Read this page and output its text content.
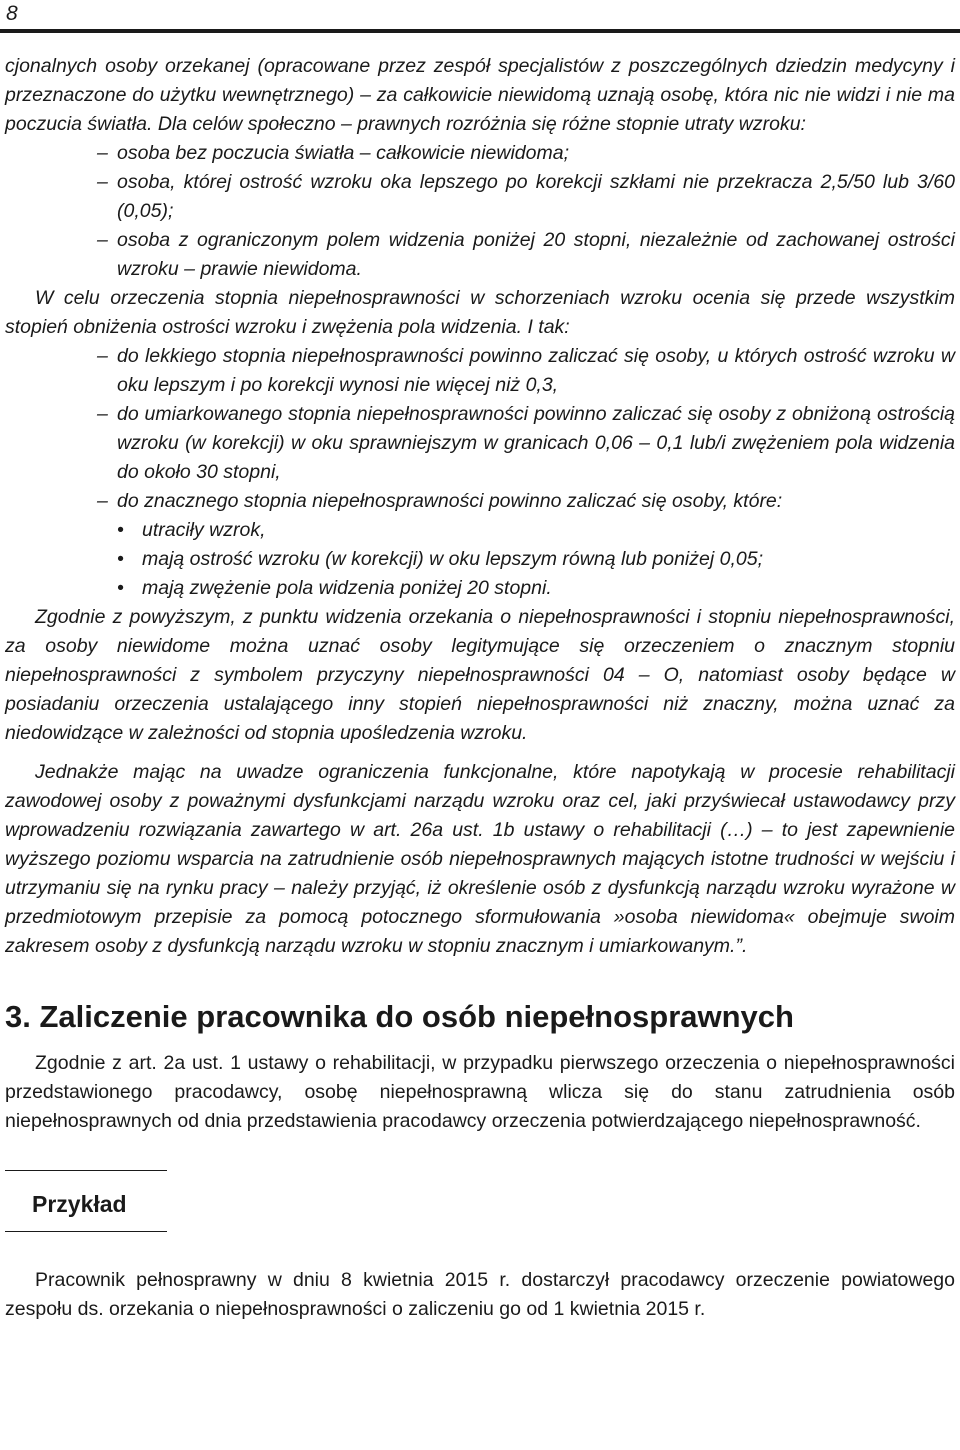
8

cjonalnych osoby orzekanej (opracowane przez zespół specjalistów z poszczególnych dziedzin medycyny i przeznaczone do użytku wewnętrznego) – za całkowicie niewidomą uznają osobę, która nic nie widzi i nie ma poczucia światła. Dla celów społeczno – prawnych rozróżnia się różne stopnie utraty wzroku:

– osoba bez poczucia światła – całkowicie niewidoma;
– osoba, której ostrość wzroku oka lepszego po korekcji szkłami nie przekracza 2,5/50 lub 3/60 (0,05);
– osoba z ograniczonym polem widzenia poniżej 20 stopni, niezależnie od zachowanej ostrości wzroku – prawie niewidoma.

W celu orzeczenia stopnia niepełnosprawności w schorzeniach wzroku ocenia się przede wszystkim stopień obniżenia ostrości wzroku i zwężenia pola widzenia. I tak:

– do lekkiego stopnia niepełnosprawności powinno zaliczać się osoby, u których ostrość wzroku w oku lepszym i po korekcji wynosi nie więcej niż 0,3,
– do umiarkowanego stopnia niepełnosprawności powinno zaliczać się osoby z obniżoną ostrością wzroku (w korekcji) w oku sprawniejszym w granicach 0,06 – 0,1 lub/i zwężeniem pola widzenia do około 30 stopni,
– do znacznego stopnia niepełnosprawności powinno zaliczać się osoby, które:
• utraciły wzrok,
• mają ostrość wzroku (w korekcji) w oku lepszym równą lub poniżej 0,05;
• mają zwężenie pola widzenia poniżej 20 stopni.

Zgodnie z powyższym, z punktu widzenia orzekania o niepełnosprawności i stopniu niepełnosprawności, za osoby niewidome można uznać osoby legitymujące się orzeczeniem o znacznym stopniu niepełnosprawności z symbolem przyczyny niepełnosprawności 04 – O, natomiast osoby będące w posiadaniu orzeczenia ustalającego inny stopień niepełnosprawności niż znaczny, można uznać za niedowidzące w zależności od stopnia upośledzenia wzroku.

Jednakże mając na uwadze ograniczenia funkcjonalne, które napotykają w procesie rehabilitacji zawodowej osoby z poważnymi dysfunkcjami narządu wzroku oraz cel, jaki przyświecał ustawodawcy przy wprowadzeniu rozwiązania zawartego w art. 26a ust. 1b ustawy o rehabilitacji (…) – to jest zapewnienie wyższego poziomu wsparcia na zatrudnienie osób niepełnosprawnych mających istotne trudności w wejściu i utrzymaniu się na rynku pracy – należy przyjąć, iż określenie osób z dysfunkcją narządu wzroku wyrażone w przedmiotowym przepisie za pomocą potocznego sformułowania »osoba niewidoma« obejmuje swoim zakresem osoby z dysfunkcją narządu wzroku w stopniu znacznym i umiarkowanym.”.

3. Zaliczenie pracownika do osób niepełnosprawnych

Zgodnie z art. 2a ust. 1 ustawy o rehabilitacji, w przypadku pierwszego orzeczenia o niepełnosprawności przedstawionego pracodawcy, osobę niepełnosprawną wlicza się do stanu zatrudnienia osób niepełnosprawnych od dnia przedstawienia pracodawcy orzeczenia potwierdzającego niepełnosprawność.

Przykład

Pracownik pełnosprawny w dniu 8 kwietnia 2015 r. dostarczył pracodawcy orzeczenie powiatowego zespołu ds. orzekania o niepełnosprawności o zaliczeniu go od 1 kwietnia 2015 r.
